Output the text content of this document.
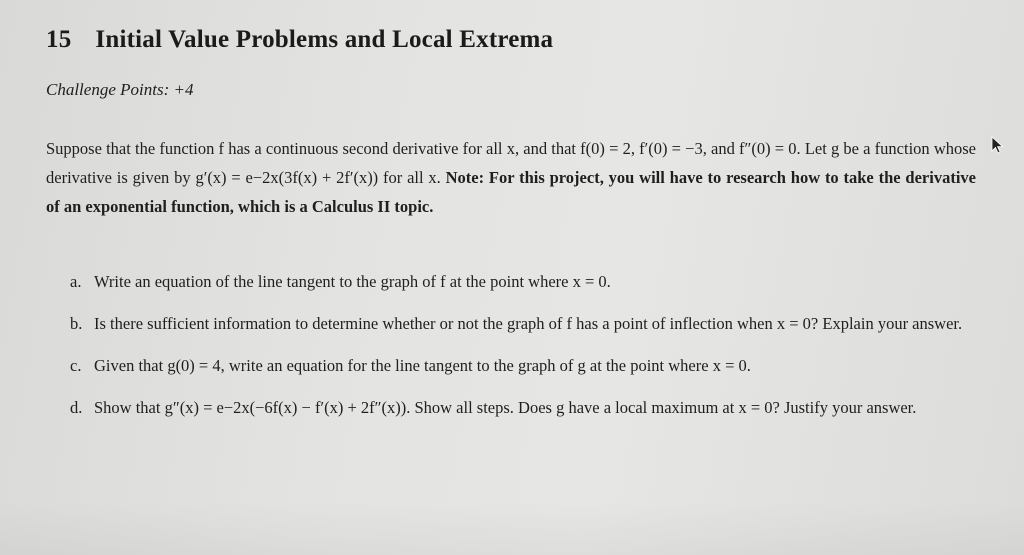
15 Initial Value Problems and Local Extrema
Challenge Points: +4
Suppose that the function f has a continuous second derivative for all x, and that f(0) = 2, f′(0) = −3, and f″(0) = 0. Let g be a function whose derivative is given by g′(x) = e−2x(3f(x) + 2f′(x)) for all x. Note: For this project, you will have to research how to take the derivative of an exponential function, which is a Calculus II topic.
a. Write an equation of the line tangent to the graph of f at the point where x = 0.
b. Is there sufficient information to determine whether or not the graph of f has a point of inflection when x = 0? Explain your answer.
c. Given that g(0) = 4, write an equation for the line tangent to the graph of g at the point where x = 0.
d. Show that g″(x) = e−2x(−6f(x) − f′(x) + 2f″(x)). Show all steps. Does g have a local maximum at x = 0? Justify your answer.
